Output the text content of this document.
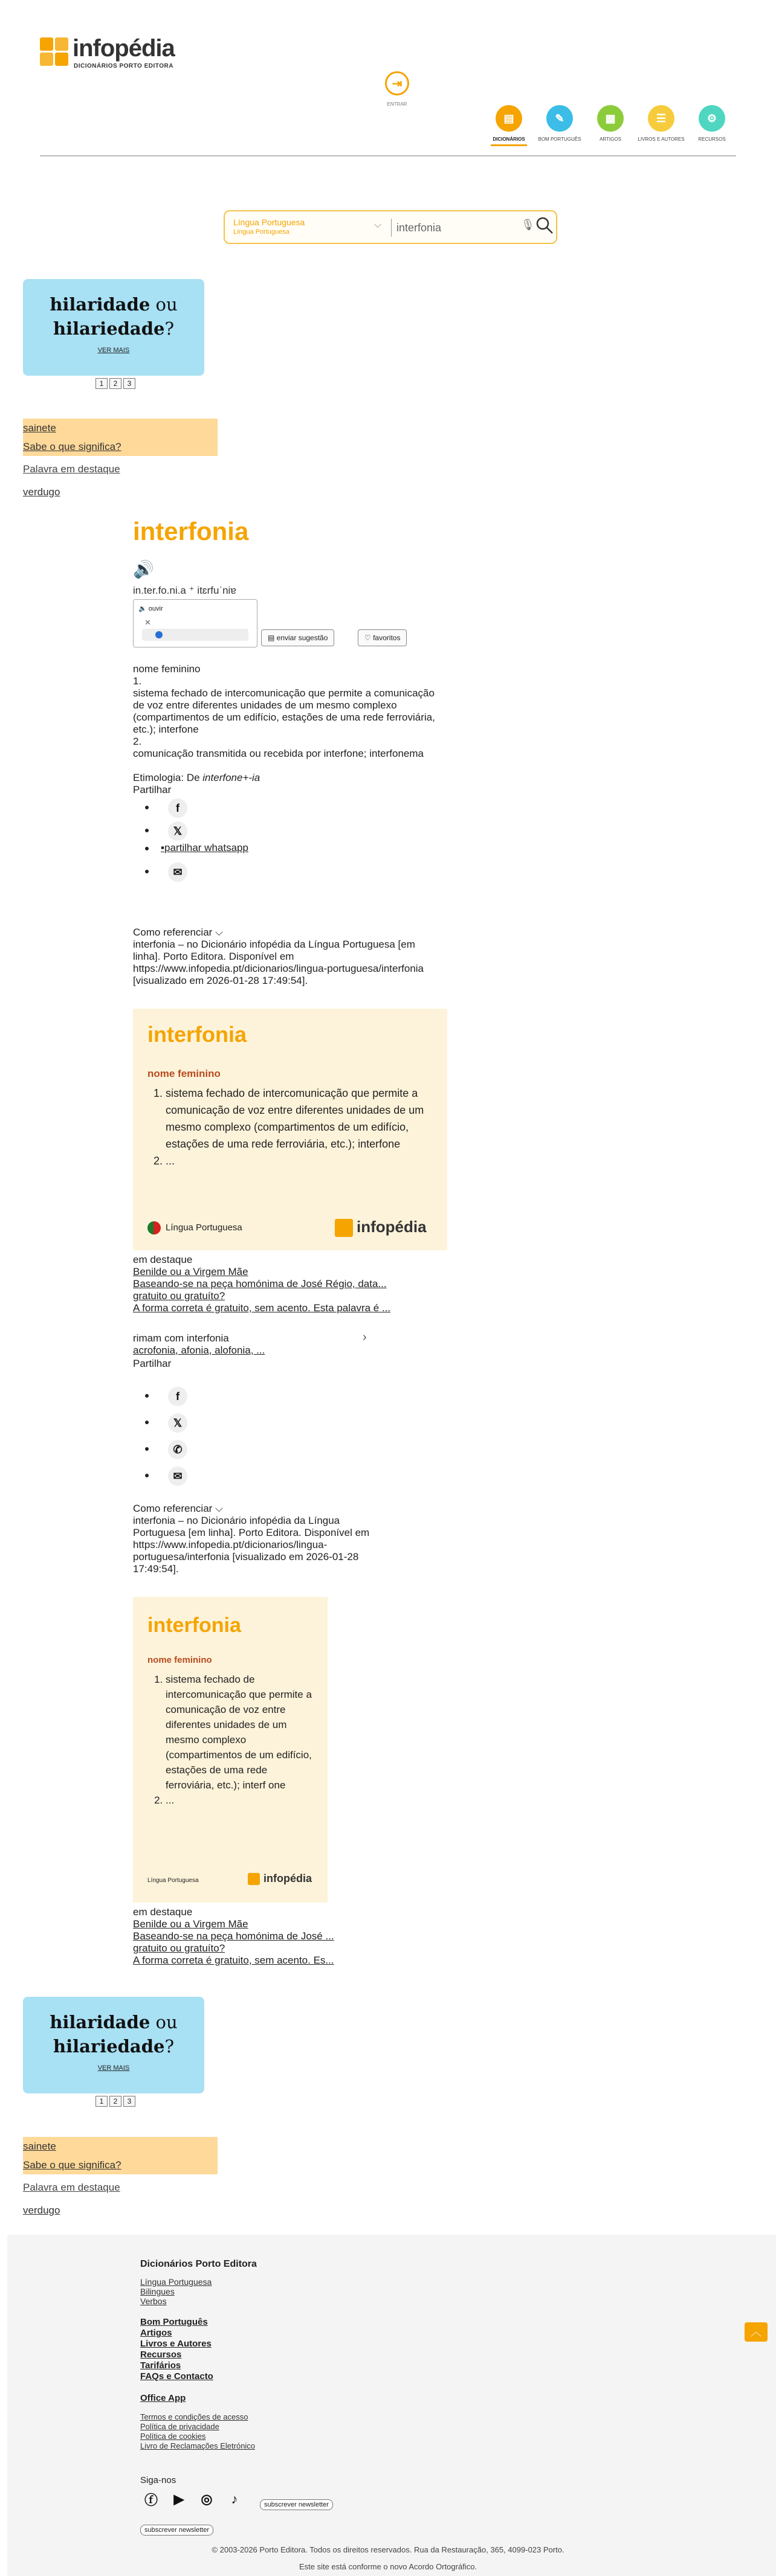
infopédia
DICIONÁRIOS PORTO EDITORA
⇥
ENTRAR
▤
DICIONÁRIOS
✎
BOM PORTUGUÊS
▦
ARTIGOS
☰
LIVROS E AUTORES
⚙
RECURSOS
Língua Portuguesa
Língua Portuguesa
⌵
interfonia	🎙
hilaridade ou
hilariedade?
VER MAIS
1	2	3
sainete
Sabe o que significa?
Palavra em destaque
verdugo
interfonia
🔊
in.ter.fo.ni.a ⁺ itɛrfuˈniɐ
🔉 ouvir
✕
▤ enviar sugestão	♡ favoritos
nome feminino
1.
sistema fechado de intercomunicação que permite a comunicação de voz entre diferentes unidades de um mesmo complexo (compartimentos de um edifício, estações de uma rede ferroviária, etc.); interfone
2.
comunicação transmitida ou recebida por interfone; interfonema
Etimologia: De interfone+-ia
Partilhar
f
𝕏
▪partilhar whatsapp
✉
Como referenciar ⌵
interfonia – no Dicionário infopédia da Língua Portuguesa [em linha]. Porto Editora. Disponível em https://www.infopedia.pt/dicionarios/lingua-portuguesa/interfonia [visualizado em 2026-01-28 17:49:54].
interfonia
nome feminino
1. sistema fechado de intercomunicação que permite a comunicação de voz entre diferentes unidades de um mesmo complexo (compartimentos de um edifício, estações de uma rede ferroviária, etc.); interfone
2. ...
Língua Portuguesa	infopédia
em destaque
Benilde ou a Virgem Mãe
Baseando-se na peça homónima de José Régio, data...
gratuito ou gratuíto?
A forma correta é gratuito, sem acento. Esta palavra é ...
rimam com interfonia	›
acrofonia, afonia, alofonia, ...
Partilhar
f
𝕏
✆
✉
Como referenciar ⌵
interfonia – no Dicionário infopédia da Língua Portuguesa [em linha]. Porto Editora. Disponível em https://www.infopedia.pt/dicionarios/lingua-portuguesa/interfonia [visualizado em 2026-01-28 17:49:54].
interfonia
nome feminino
1. sistema fechado de intercomunicação que permite a comunicação de voz entre diferentes unidades de um mesmo complexo (compartimentos de um edifício, estações de uma rede ferroviária, etc.); interf one
2. ...
Língua Portuguesa	infopédia
em destaque
Benilde ou a Virgem Mãe
Baseando-se na peça homónima de José ...
gratuito ou gratuíto?
A forma correta é gratuito, sem acento. Es...
hilaridade ou
hilariedade?
VER MAIS
1	2	3
sainete
Sabe o que significa?
Palavra em destaque
verdugo
Dicionários Porto Editora
Língua Portuguesa
Bilingues
Verbos
Bom Português
Artigos
Livros e Autores
Recursos
Tarifários
FAQs e Contacto
Office App
Termos e condições de acesso
Política de privacidade
Política de cookies
Livro de Reclamações Eletrónico
Siga-nos
ⓕ	▶	◎	♪	subscrever newsletter
subscrever newsletter
© 2003-2026 Porto Editora. Todos os direitos reservados. Rua da Restauração, 365, 4099-023 Porto.
Este site está conforme o novo Acordo Ortográfico.
︿
